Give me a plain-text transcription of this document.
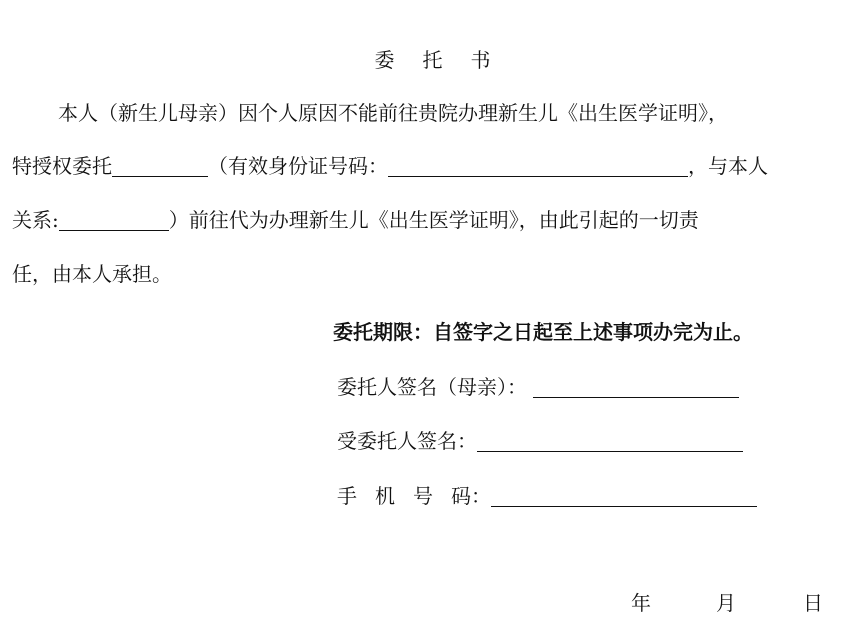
委 托 书
本人（新生儿母亲）因个人原因不能前往贵院办理新生儿《出生医学证明》，
特授权委托	（有效身份证号码：	，与本人
关系:	）前往代为办理新生儿《出生医学证明》，由此引起的一切责
任，由本人承担。
委托期限：自签字之日起至上述事项办完为止。
委托人签名（母亲）：
受委托人签名：
手 机 号 码：
年	月	日
